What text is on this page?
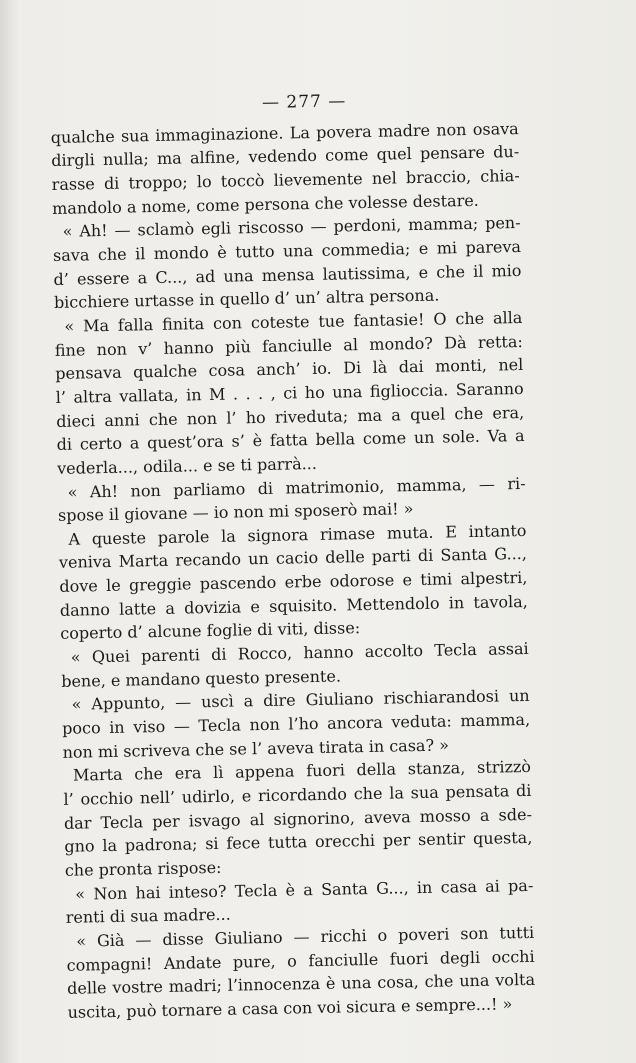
— 277 —
qualche sua immaginazione. La povera madre non osava
dirgli nulla; ma alfine, vedendo come quel pensare du-
rasse di troppo; lo toccò lievemente nel braccio, chia-
mandolo a nome, come persona che volesse destare.
« Ah! — sclamò egli riscosso — perdoni, mamma; pen-
sava che il mondo è tutto una commedia; e mi pareva
d’ essere a C..., ad una mensa lautissima, e che il mio
bicchiere urtasse in quello d’ un’ altra persona.
« Ma falla finita con coteste tue fantasie! O che alla
fine non v’ hanno più fanciulle al mondo? Dà retta:
pensava qualche cosa anch’ io. Di là dai monti, nel
l’ altra vallata, in M . . . , ci ho una figlioccia. Saranno
dieci anni che non l’ ho riveduta; ma a quel che era,
di certo a quest’ora s’ è fatta bella come un sole. Va a
vederla..., odila... e se ti parrà...
« Ah! non parliamo di matrimonio, mamma, — ri-
spose il giovane — io non mi sposerò mai! »
A queste parole la signora rimase muta. E intanto
veniva Marta recando un cacio delle parti di Santa G...,
dove le greggie pascendo erbe odorose e timi alpestri,
danno latte a dovizia e squisito. Mettendolo in tavola,
coperto d’ alcune foglie di viti, disse:
« Quei parenti di Rocco, hanno accolto Tecla assai
bene, e mandano questo presente.
« Appunto, — uscì a dire Giuliano rischiarandosi un
poco in viso — Tecla non l’ho ancora veduta: mamma,
non mi scriveva che se l’ aveva tirata in casa? »
Marta che era lì appena fuori della stanza, strizzò
l’ occhio nell’ udirlo, e ricordando che la sua pensata di
dar Tecla per isvago al signorino, aveva mosso a sde-
gno la padrona; si fece tutta orecchi per sentir questa,
che pronta rispose:
« Non hai inteso? Tecla è a Santa G..., in casa ai pa-
renti di sua madre...
« Già — disse Giuliano — ricchi o poveri son tutti
compagni! Andate pure, o fanciulle fuori degli occhi
delle vostre madri; l’innocenza è una cosa, che una volta
uscita, può tornare a casa con voi sicura e sempre...! »
